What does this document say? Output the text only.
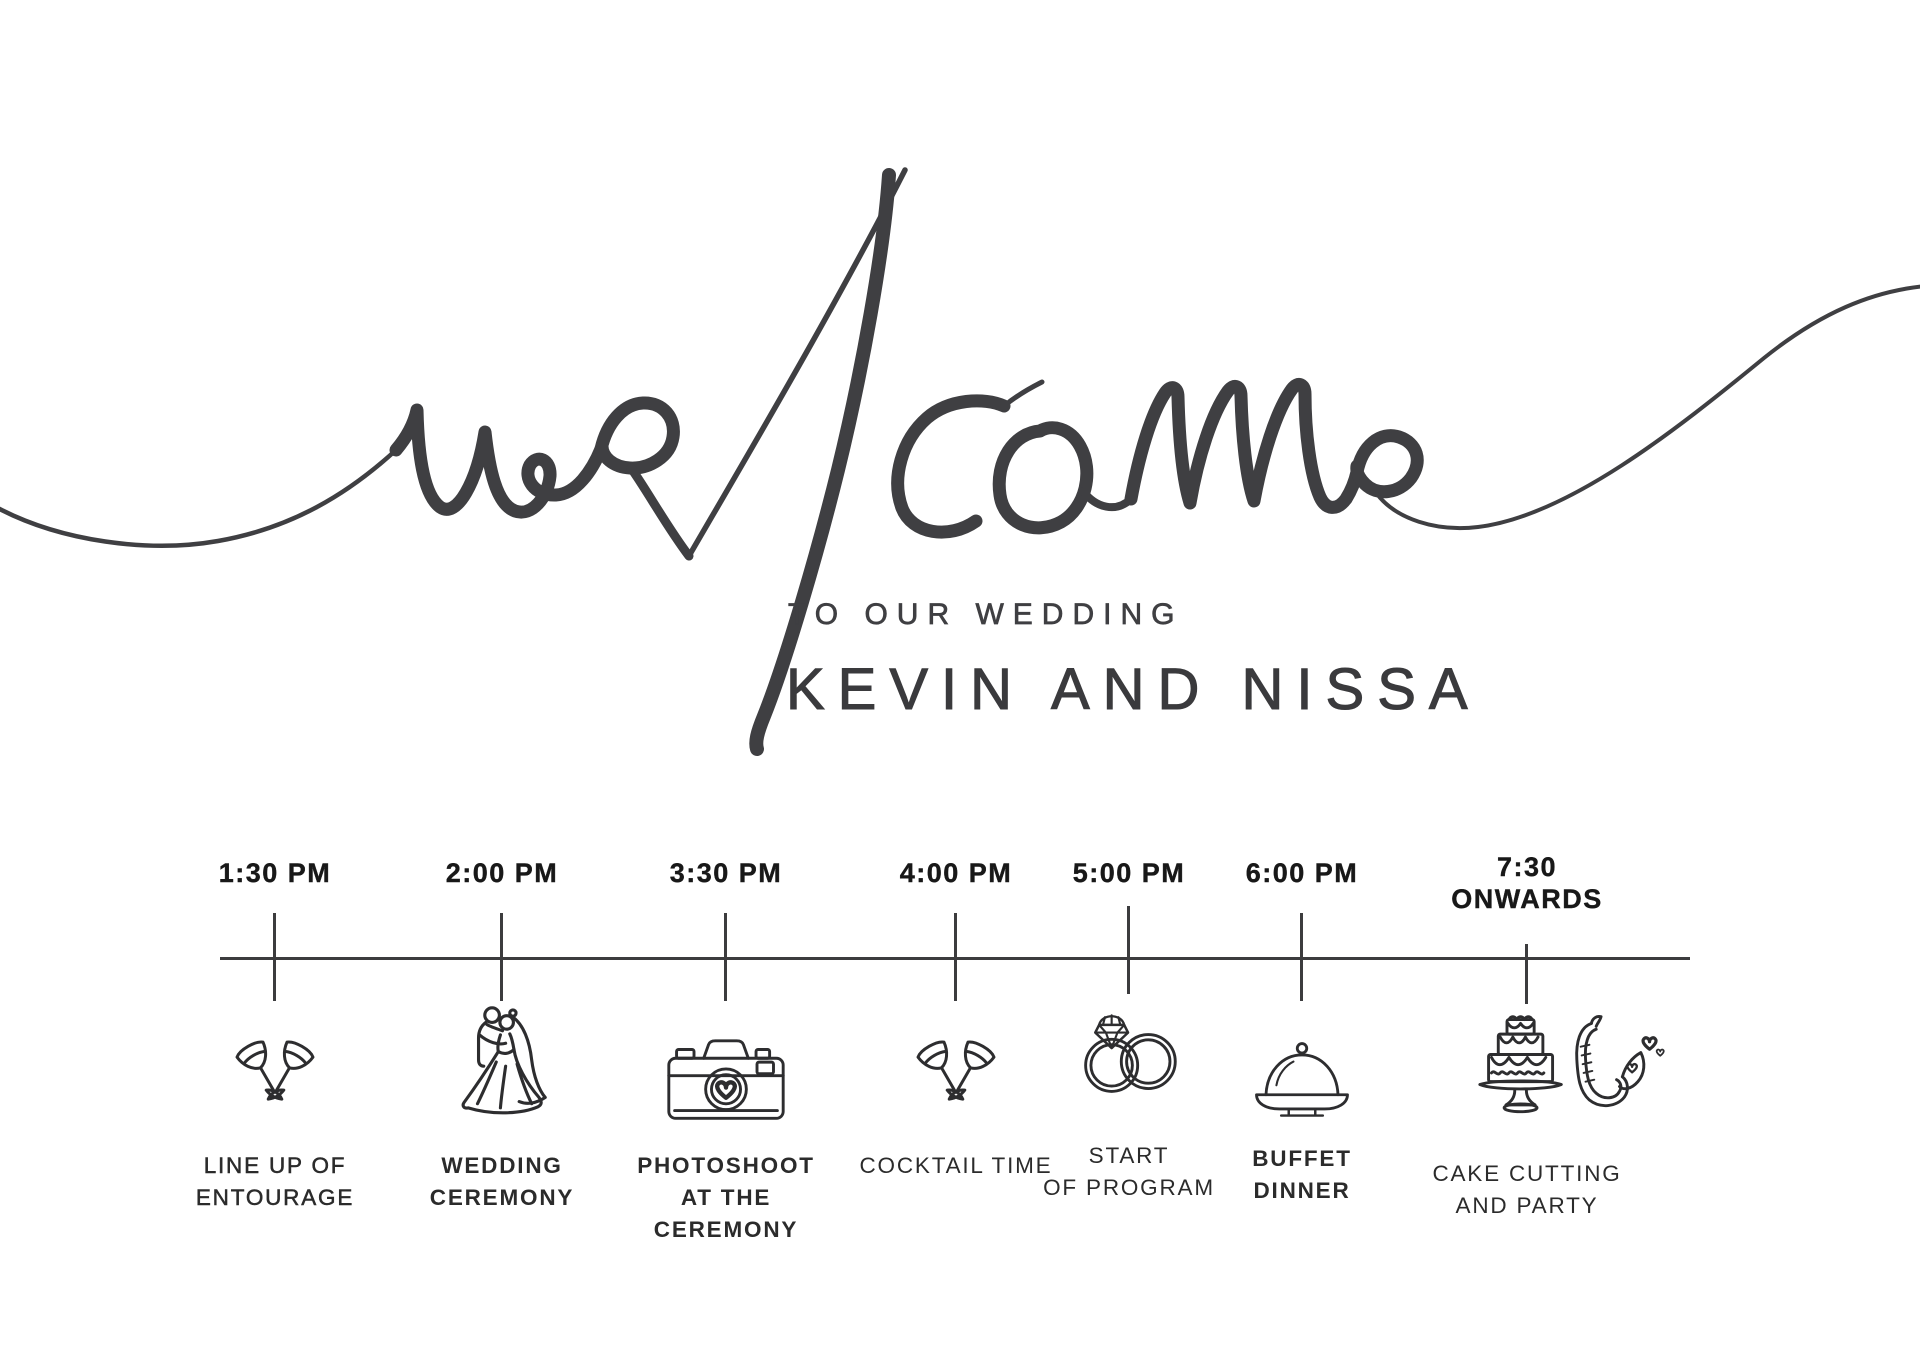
TO OUR WEDDING
KEVIN AND NISSA
1:30 PM	2:00 PM	3:30 PM	4:00 PM	5:00 PM	6:00 PM	7:30
ONWARDS
LINE UP OF
ENTOURAGE
WEDDING
CEREMONY
PHOTOSHOOT
AT THE
CEREMONY
COCKTAIL TIME	START
OF PROGRAM
BUFFET
DINNER
CAKE CUTTING
AND PARTY
